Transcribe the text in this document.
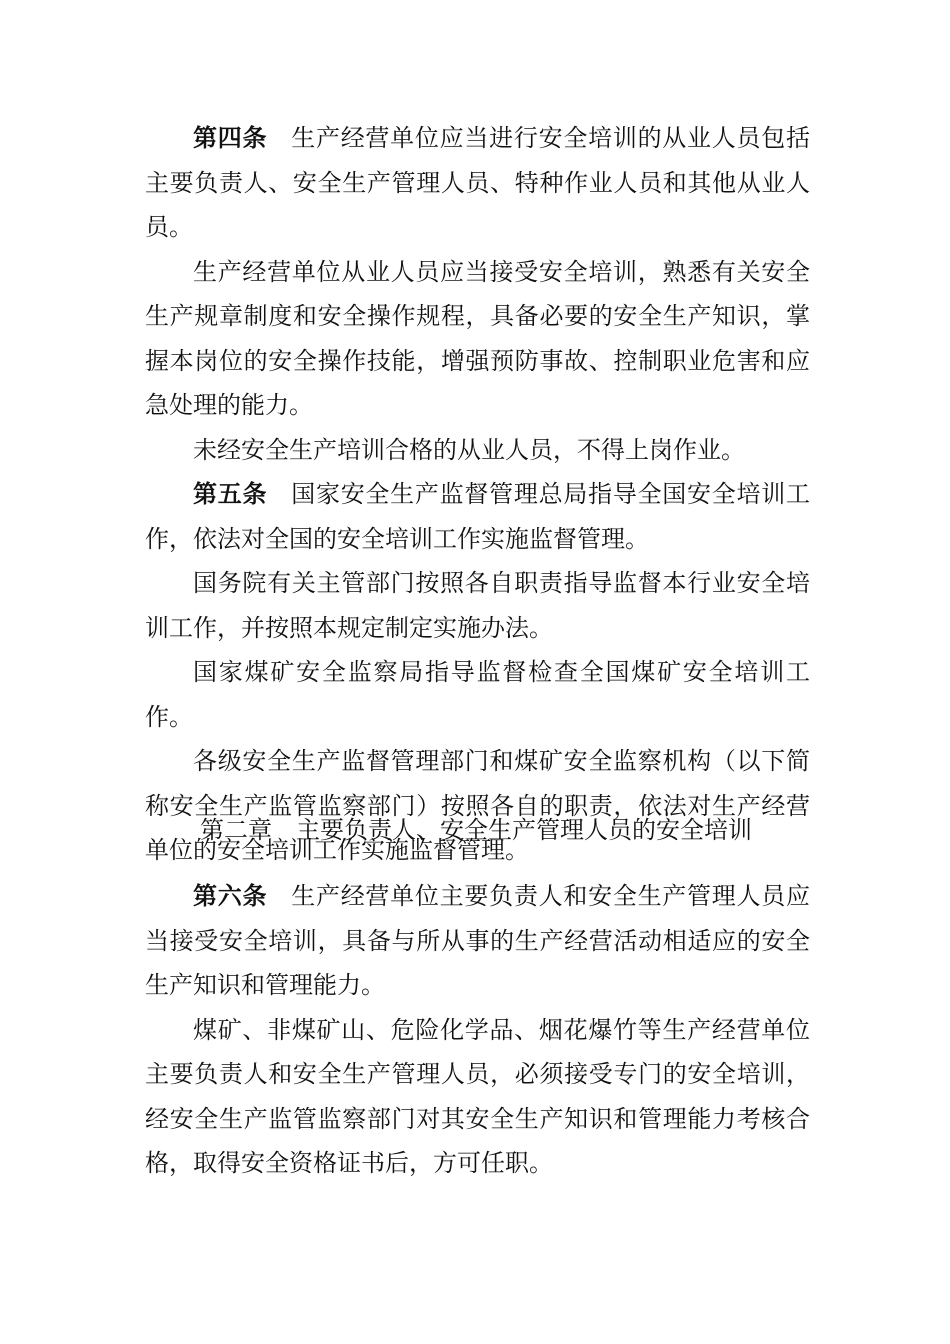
第四条 生产经营单位应当进行安全培训的从业人员包括主要负责人、安全生产管理人员、特种作业人员和其他从业人员。

生产经营单位从业人员应当接受安全培训，熟悉有关安全生产规章制度和安全操作规程，具备必要的安全生产知识，掌握本岗位的安全操作技能，增强预防事故、控制职业危害和应急处理的能力。

未经安全生产培训合格的从业人员，不得上岗作业。

第五条 国家安全生产监督管理总局指导全国安全培训工作，依法对全国的安全培训工作实施监督管理。

国务院有关主管部门按照各自职责指导监督本行业安全培训工作，并按照本规定制定实施办法。

国家煤矿安全监察局指导监督检查全国煤矿安全培训工作。

各级安全生产监督管理部门和煤矿安全监察机构（以下简称安全生产监管监察部门）按照各自的职责，依法对生产经营单位的安全培训工作实施监督管理。

第二章 主要负责人、安全生产管理人员的安全培训

第六条 生产经营单位主要负责人和安全生产管理人员应当接受安全培训，具备与所从事的生产经营活动相适应的安全生产知识和管理能力。

煤矿、非煤矿山、危险化学品、烟花爆竹等生产经营单位主要负责人和安全生产管理人员，必须接受专门的安全培训，经安全生产监管监察部门对其安全生产知识和管理能力考核合格，取得安全资格证书后，方可任职。
